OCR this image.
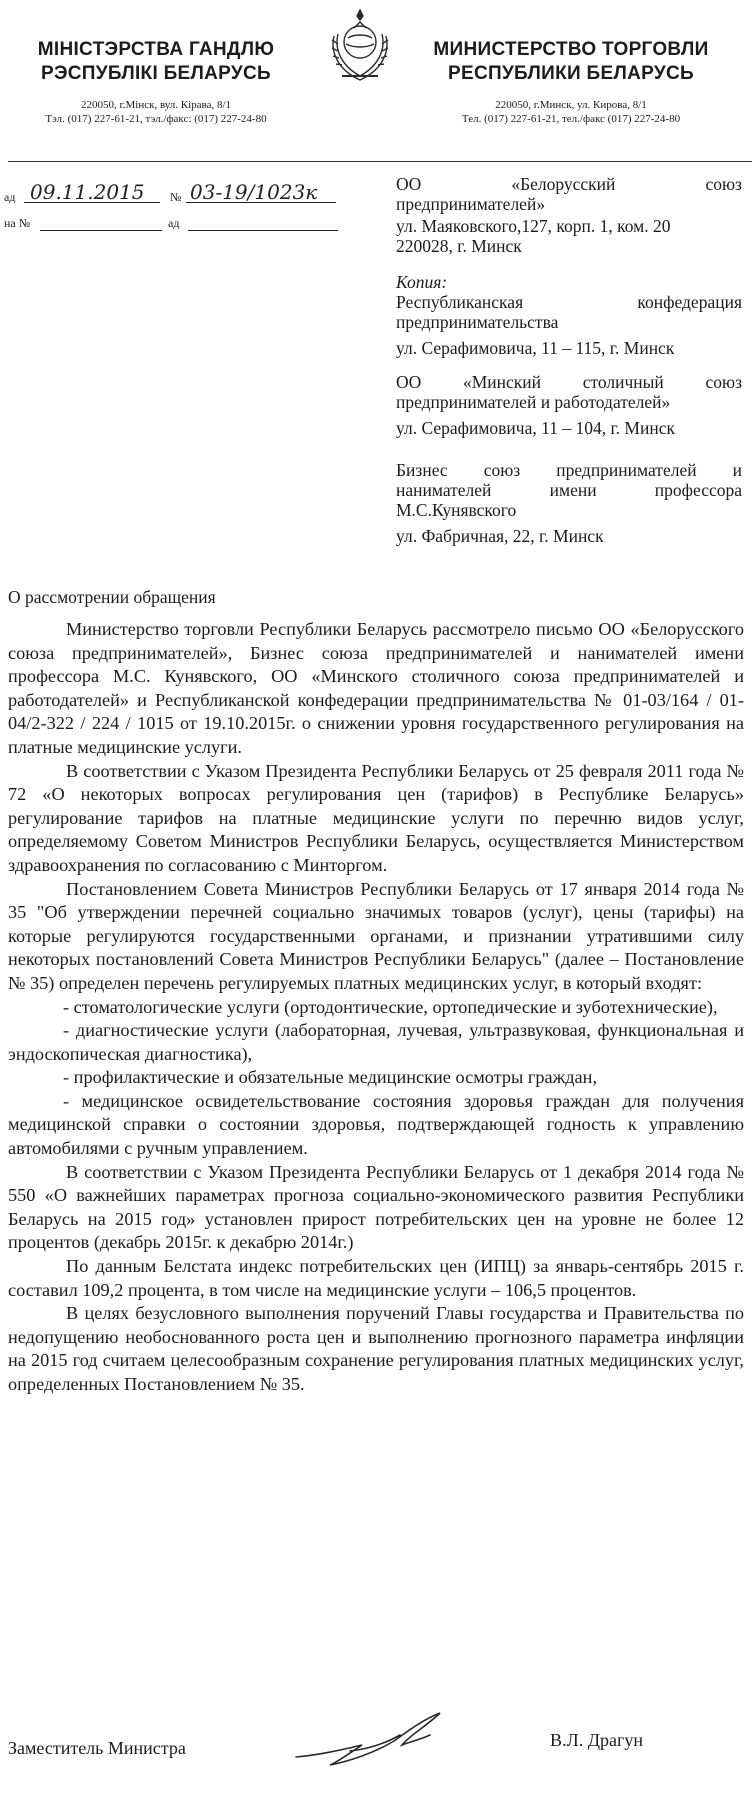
МІНІСТЭРСТВА ГАНДЛЮ
РЭСПУБЛІКІ БЕЛАРУСЬ
220050, г.Мінск, вул. Кірава, 8/1
Тэл. (017) 227-61-21, тэл./факс: (017) 227-24-80
МИНИСТЕРСТВО ТОРГОВЛИ
РЕСПУБЛИКИ БЕЛАРУСЬ
220050, г.Минск, ул. Кирова, 8/1
Тел. (017) 227-61-21, тел./факс (017) 227-24-80
ад 09.11.2015 № 03-19/1023к
на №	ад
ОО	«Белорусский	союз
предпринимателей»
ул. Маяковского,127, корп. 1, ком. 20
220028, г. Минск
Копия:
Республиканская	конфедерация
предпринимательства
ул. Серафимовича, 11 – 115, г. Минск
ОО «Минский столичный союз
предпринимателей и работодателей»
ул. Серафимовича, 11 – 104, г. Минск
Бизнес союз предпринимателей и
нанимателей имени профессора
М.С.Кунявского
ул. Фабричная, 22, г. Минск
О рассмотрении обращения

Министерство торговли Республики Беларусь рассмотрело письмо ОО «Белорусского союза предпринимателей», Бизнес союза предпринимателей и нанимателей имени профессора М.С. Кунявского, ОО «Минского столичного союза предпринимателей и работодателей» и Республиканской конфедерации предпринимательства № 01-03/164 / 01-04/2-322 / 224 / 1015 от 19.10.2015г. о снижении уровня государственного регулирования на платные медицинские услуги.

В соответствии с Указом Президента Республики Беларусь от 25 февраля 2011 года № 72 «О некоторых вопросах регулирования цен (тарифов) в Республике Беларусь» регулирование тарифов на платные медицинские услуги по перечню видов услуг, определяемому Советом Министров Республики Беларусь, осуществляется Министерством здравоохранения по согласованию с Минторгом.

Постановлением Совета Министров Республики Беларусь от 17 января 2014 года № 35 "Об утверждении перечней социально значимых товаров (услуг), цены (тарифы) на которые регулируются государственными органами, и признании утратившими силу некоторых постановлений Совета Министров Республики Беларусь" (далее – Постановление № 35) определен перечень регулируемых платных медицинских услуг, в который входят:

- стоматологические услуги (ортодонтические, ортопедические и зуботехнические),

- диагностические услуги (лабораторная, лучевая, ультразвуковая, функциональная и эндоскопическая диагностика),

- профилактические и обязательные медицинские осмотры граждан,

- медицинское освидетельствование состояния здоровья граждан для получения медицинской справки о состоянии здоровья, подтверждающей годность к управлению автомобилями с ручным управлением.

В соответствии с Указом Президента Республики Беларусь от 1 декабря 2014 года № 550 «О важнейших параметрах прогноза социально-экономического развития Республики Беларусь на 2015 год» установлен прирост потребительских цен на уровне не более 12 процентов (декабрь 2015г. к декабрю 2014г.)

По данным Белстата индекс потребительских цен (ИПЦ) за январь-сентябрь 2015 г. составил 109,2 процента, в том числе на медицинские услуги – 106,5 процентов.

В целях безусловного выполнения поручений Главы государства и Правительства по недопущению необоснованного роста цен и выполнению прогнозного параметра инфляции на 2015 год считаем целесообразным сохранение регулирования платных медицинских услуг, определенных Постановлением № 35.

Заместитель Министра	В.Л. Драгун
